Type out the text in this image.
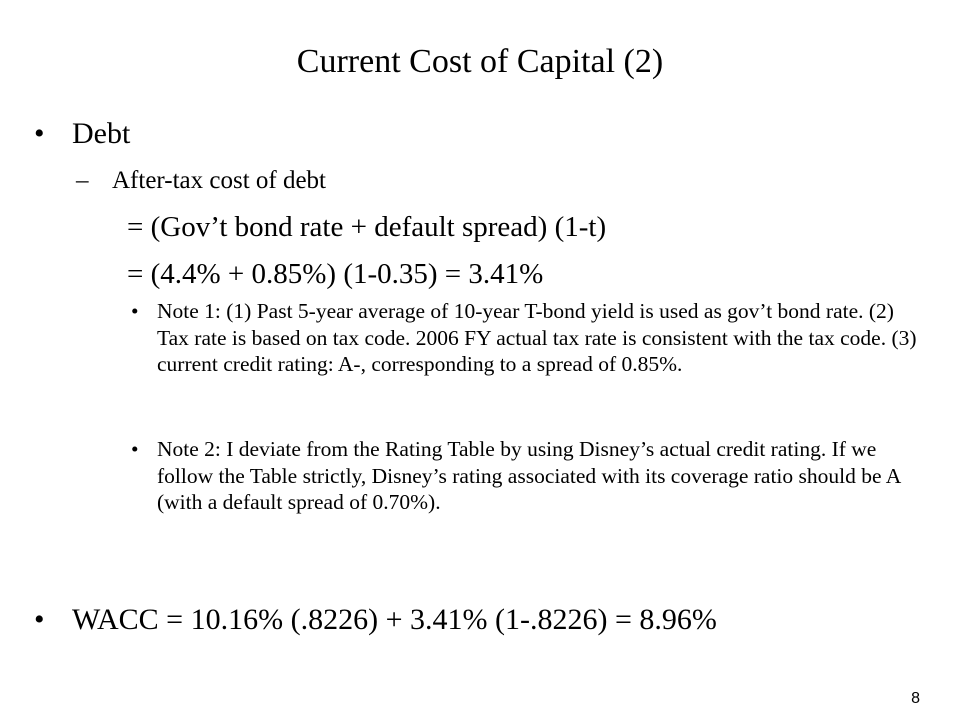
Current Cost of Capital (2)
• Debt
– After-tax cost of debt
= (Gov’t bond rate + default spread) (1-t)
= (4.4% + 0.85%) (1-0.35) = 3.41%
• Note 1: (1) Past 5-year average of 10-year T-bond yield is used as gov’t bond rate. (2) Tax rate is based on tax code. 2006 FY actual tax rate is consistent with the tax code. (3) current credit rating: A-, corresponding to a spread of 0.85%.
• Note 2: I deviate from the Rating Table by using Disney’s actual credit rating. If we follow the Table strictly, Disney’s rating associated with its coverage ratio should be A (with a default spread of 0.70%).
• WACC = 10.16% (.8226) + 3.41% (1-.8226) = 8.96%
8
